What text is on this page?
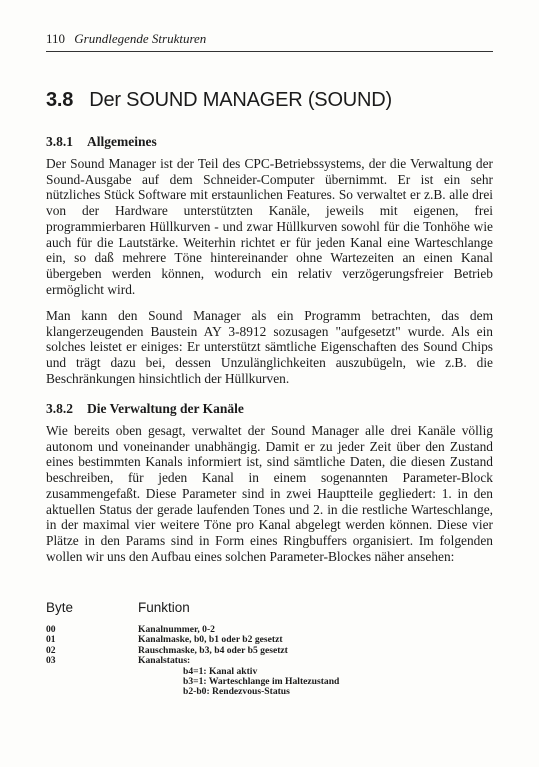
110 Grundlegende Strukturen
3.8 Der SOUND MANAGER (SOUND)
3.8.1 Allgemeines

Der Sound Manager ist der Teil des CPC-Betriebssystems, der die Verwaltung der Sound-Ausgabe auf dem Schneider-Computer übernimmt. Er ist ein sehr nützliches Stück Software mit erstaunlichen Features. So verwaltet er z.B. alle drei von der Hardware unterstützten Kanäle, jeweils mit eigenen, frei programmierbaren Hüllkurven - und zwar Hüllkurven sowohl für die Tonhöhe wie auch für die Lautstärke. Weiterhin richtet er für jeden Kanal eine Warteschlange ein, so daß mehrere Töne hintereinander ohne Wartezeiten an einen Kanal übergeben werden können, wodurch ein relativ verzögerungsfreier Betrieb ermöglicht wird.

Man kann den Sound Manager als ein Programm betrachten, das dem klangerzeugenden Baustein AY 3-8912 sozusagen "aufgesetzt" wurde. Als ein solches leistet er einiges: Er unterstützt sämtliche Eigenschaften des Sound Chips und trägt dazu bei, dessen Unzulänglichkeiten auszubügeln, wie z.B. die Beschränkungen hinsichtlich der Hüllkurven.

3.8.2 Die Verwaltung der Kanäle

Wie bereits oben gesagt, verwaltet der Sound Manager alle drei Kanäle völlig autonom und voneinander unabhängig. Damit er zu jeder Zeit über den Zustand eines bestimmten Kanals informiert ist, sind sämtliche Daten, die diesen Zustand beschreiben, für jeden Kanal in einem sogenannten Parameter-Block zusammengefaßt. Diese Parameter sind in zwei Hauptteile gegliedert: 1. in den aktuellen Status der gerade laufenden Tones und 2. in die restliche Warteschlange, in der maximal vier weitere Töne pro Kanal abgelegt werden können. Diese vier Plätze in den Params sind in Form eines Ringbuffers organisiert. Im folgenden wollen wir uns den Aufbau eines solchen Parameter-Blockes näher ansehen:

Byte	Funktion
00	Kanalnummer, 0-2
01	Kanalmaske, b0, b1 oder b2 gesetzt
02	Rauschmaske, b3, b4 oder b5 gesetzt
03	Kanalstatus:
b4=1: Kanal aktiv
b3=1: Warteschlange im Haltezustand
b2-b0: Rendezvous-Status
